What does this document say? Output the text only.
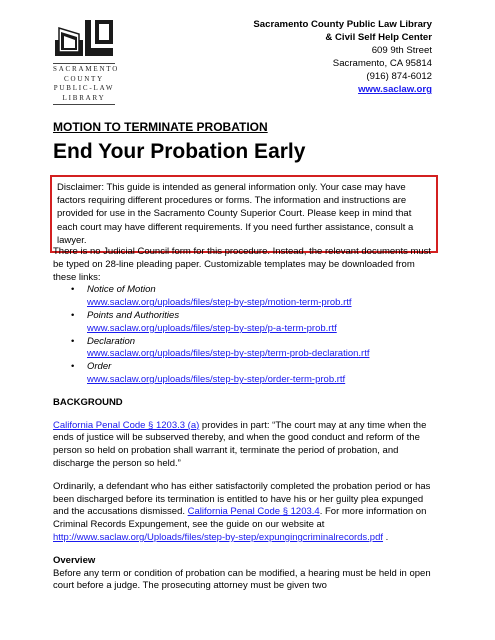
SACRAMENTO
COUNTY
PUBLIC-LAW
LIBRARY
Sacramento County Public Law Library
& Civil Self Help Center
609 9th Street
Sacramento, CA 95814
(916) 874-6012
www.saclaw.org
MOTION TO TERMINATE PROBATION
End Your Probation Early
Disclaimer: This guide is intended as general information only. Your case may have factors requiring different procedures or forms. The information and instructions are provided for use in the Sacramento County Superior Court. Please keep in mind that each court may have different requirements. If you need further assistance, consult a lawyer.

There is no Judicial Council form for this procedure. Instead, the relevant documents must be typed on 28-line pleading paper. Customizable templates may be downloaded from these links:

• Notice of Motion
www.saclaw.org/uploads/files/step-by-step/motion-term-prob.rtf
• Points and Authorities
www.saclaw.org/uploads/files/step-by-step/p-a-term-prob.rtf
• Declaration
www.saclaw.org/uploads/files/step-by-step/term-prob-declaration.rtf
• Order
www.saclaw.org/uploads/files/step-by-step/order-term-prob.rtf
BACKGROUND

California Penal Code § 1203.3 (a) provides in part: “The court may at any time when the ends of justice will be subserved thereby, and when the good conduct and reform of the person so held on probation shall warrant it, terminate the period of probation, and discharge the person so held.”

Ordinarily, a defendant who has either satisfactorily completed the probation period or has been discharged before its termination is entitled to have his or her guilty plea expunged and the accusations dismissed. California Penal Code § 1203.4. For more information on Criminal Records Expungement, see the guide on our website at http://www.saclaw.org/Uploads/files/step-by-step/expungingcriminalrecords.pdf .

Overview
Before any term or condition of probation can be modified, a hearing must be held in open court before a judge. The prosecuting attorney must be given two
